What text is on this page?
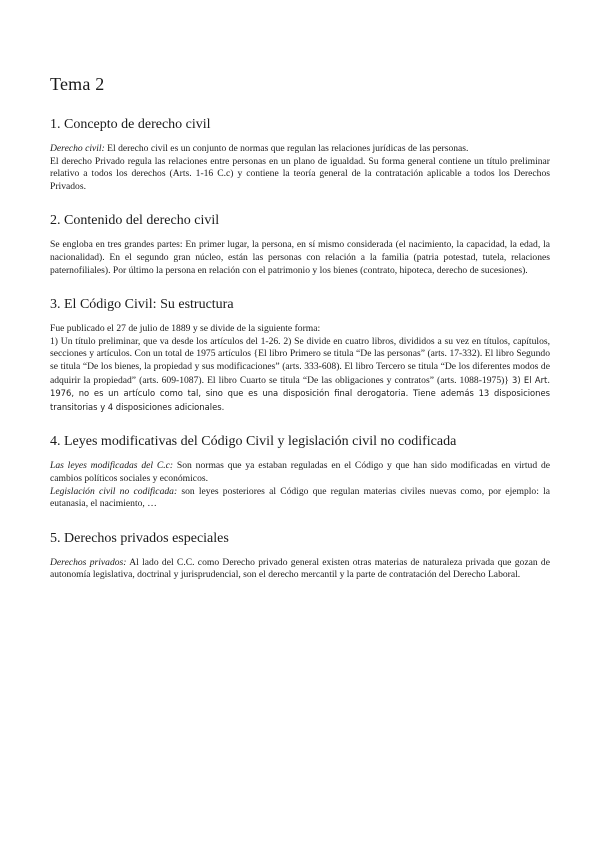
Tema 2
1. Concepto de derecho civil

Derecho civil: El derecho civil es un conjunto de normas que regulan las relaciones jurídicas de las personas.

El derecho Privado regula las relaciones entre personas en un plano de igualdad. Su forma general contiene un título preliminar relativo a todos los derechos (Arts. 1-16 C.c) y contiene la teoría general de la contratación aplicable a todos los Derechos Privados.

2. Contenido del derecho civil

Se engloba en tres grandes partes: En primer lugar, la persona, en sí mismo considerada (el nacimiento, la capacidad, la edad, la nacionalidad). En el segundo gran núcleo, están las personas con relación a la familia (patria potestad, tutela, relaciones paternofiliales). Por último la persona en relación con el patrimonio y los bienes (contrato, hipoteca, derecho de sucesiones).

3. El Código Civil: Su estructura

Fue publicado el 27 de julio de 1889 y se divide de la siguiente forma:

1) Un título preliminar, que va desde los artículos del 1-26. 2) Se divide en cuatro libros, divididos a su vez en títulos, capítulos, secciones y artículos. Con un total de 1975 artículos {El libro Primero se titula “De las personas” (arts. 17-332). El libro Segundo se titula “De los bienes, la propiedad y sus modificaciones” (arts. 333-608). El libro Tercero se titula “De los diferentes modos de adquirir la propiedad” (arts. 609-1087). El libro Cuarto se titula “De las obligaciones y contratos” (arts. 1088-1975)} 3) El Art. 1976, no es un artículo como tal, sino que es una disposición final derogatoria. Tiene además 13 disposiciones transitorias y 4 disposiciones adicionales.

4. Leyes modificativas del Código Civil y legislación civil no codificada

Las leyes modificadas del C.c: Son normas que ya estaban reguladas en el Código y que han sido modificadas en virtud de cambios políticos sociales y económicos.

Legislación civil no codificada: son leyes posteriores al Código que regulan materias civiles nuevas como, por ejemplo: la eutanasia, el nacimiento, …

5. Derechos privados especiales

Derechos privados: Al lado del C.C. como Derecho privado general existen otras materias de naturaleza privada que gozan de autonomía legislativa, doctrinal y jurisprudencial, son el derecho mercantil y la parte de contratación del Derecho Laboral.
